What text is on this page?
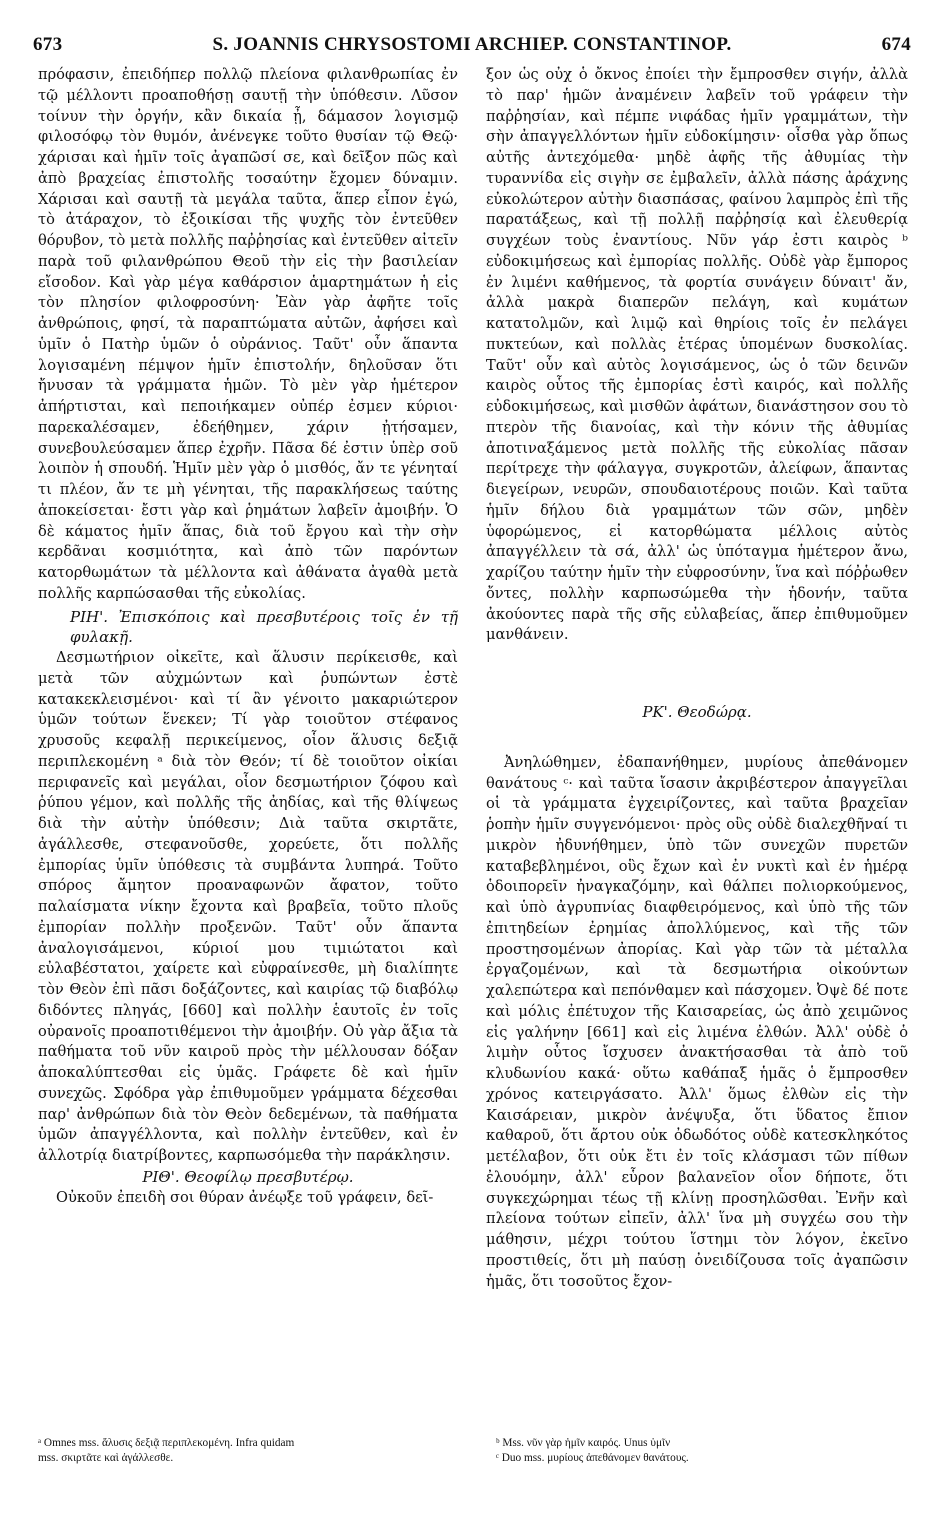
673	S. JOANNIS CHRYSOSTOMI ARCHIEP. CONSTANTINOP.	674

πρόφασιν, ἐπειδήπερ πολλῷ πλείονα φιλανθρωπίας ἐν τῷ μέλλοντι προαποθήσῃ σαυτῇ τὴν ὑπόθεσιν. Λῦσον τοίνυν τὴν ὀργήν, κἂν δικαία ᾖ, δάμασον λογισμῷ φιλοσόφῳ τὸν θυμόν, ἀνένεγκε τοῦτο θυσίαν τῷ Θεῷ· χάρισαι καὶ ἡμῖν τοῖς ἀγαπῶσί σε, καὶ δεῖξον πῶς καὶ ἀπὸ βραχείας ἐπιστολῆς τοσαύτην ἔχομεν δύναμιν. Χάρισαι καὶ σαυτῇ τὰ μεγάλα ταῦτα, ἅπερ εἶπον ἐγώ, τὸ ἀτάραχον, τὸ ἐξοικίσαι τῆς ψυχῆς τὸν ἐντεῦθεν θόρυβον, τὸ μετὰ πολλῆς παῤῥησίας καὶ ἐντεῦθεν αἰτεῖν παρὰ τοῦ φιλανθρώπου Θεοῦ τὴν εἰς τὴν βασιλείαν εἴσοδον. Καὶ γὰρ μέγα καθάρσιον ἁμαρτημάτων ἡ εἰς τὸν πλησίον φιλοφροσύνη· Ἐὰν γὰρ ἀφῆτε τοῖς ἀνθρώποις, φησί, τὰ παραπτώματα αὐτῶν, ἀφήσει καὶ ὑμῖν ὁ Πατὴρ ὑμῶν ὁ οὐράνιος. Ταῦτ' οὖν ἅπαντα λογισαμένη πέμψον ἡμῖν ἐπιστολήν, δηλοῦσαν ὅτι ἤνυσαν τὰ γράμματα ἡμῶν. Τὸ μὲν γὰρ ἡμέτερον ἀπήρτισται, καὶ πεποιήκαμεν οὐπέρ ἐσμεν κύριοι· παρεκαλέσαμεν, ἐδεήθημεν, χάριν ᾐτήσαμεν, συνεβουλεύσαμεν ἅπερ ἐχρῆν. Πᾶσα δέ ἐστιν ὑπὲρ σοῦ λοιπὸν ἡ σπουδή. Ἡμῖν μὲν γὰρ ὁ μισθός, ἄν τε γένηταί τι πλέον, ἄν τε μὴ γένηται, τῆς παρακλήσεως ταύτης ἀποκείσεται· ἔστι γὰρ καὶ ῥημάτων λαβεῖν ἀμοιβήν. Ὁ δὲ κάματος ἡμῖν ἅπας, διὰ τοῦ ἔργου καὶ τὴν σὴν κερδᾶναι κοσμιότητα, καὶ ἀπὸ τῶν παρόντων κατορθωμάτων τὰ μέλλοντα καὶ ἀθάνατα ἀγαθὰ μετὰ πολλῆς καρπώσασθαι τῆς εὐκολίας.

ΡΙΗ'. Ἐπισκόποις καὶ πρεσβυτέροις τοῖς ἐν τῇ φυλακῇ.

Δεσμωτήριον οἰκεῖτε, καὶ ἅλυσιν περίκεισθε, καὶ μετὰ τῶν αὐχμώντων καὶ ῥυπώντων ἐστὲ κατακεκλεισμένοι· καὶ τί ἂν γένοιτο μακαριώτερον ὑμῶν τούτων ἕνεκεν; Τί γὰρ τοιοῦτον στέφανος χρυσοῦς κεφαλῇ περικείμενος, οἷον ἅλυσις δεξιᾷ περιπλεκομένη ᵃ διὰ τὸν Θεόν; τί δὲ τοιοῦτον οἰκίαι περιφανεῖς καὶ μεγάλαι, οἷον δεσμωτήριον ζόφου καὶ ῥύπου γέμον, καὶ πολλῆς τῆς ἀηδίας, καὶ τῆς θλίψεως διὰ τὴν αὐτὴν ὑπόθεσιν; Διὰ ταῦτα σκιρτᾶτε, ἀγάλλεσθε, στεφανοῦσθε, χορεύετε, ὅτι πολλῆς ἐμπορίας ὑμῖν ὑπόθεσις τὰ συμβάντα λυπηρά. Τοῦτο σπόρος ἄμητον προαναφωνῶν ἄφατον, τοῦτο παλαίσματα νίκην ἔχοντα καὶ βραβεῖα, τοῦτο πλοῦς ἐμπορίαν πολλὴν προξενῶν. Ταῦτ' οὖν ἅπαντα ἀναλογισάμενοι, κύριοί μου τιμιώτατοι καὶ εὐλαβέστατοι, χαίρετε καὶ εὐφραίνεσθε, μὴ διαλίπητε τὸν Θεὸν ἐπὶ πᾶσι δοξάζοντες, καὶ καιρίας τῷ διαβόλῳ διδόντες πληγάς, [660] καὶ πολλὴν ἑαυτοῖς ἐν τοῖς οὐρανοῖς προαποτιθέμενοι τὴν ἀμοιβήν. Οὐ γὰρ ἄξια τὰ παθήματα τοῦ νῦν καιροῦ πρὸς τὴν μέλλουσαν δόξαν ἀποκαλύπτεσθαι εἰς ὑμᾶς. Γράφετε δὲ καὶ ἡμῖν συνεχῶς. Σφόδρα γὰρ ἐπιθυμοῦμεν γράμματα δέχεσθαι παρ' ἀνθρώπων διὰ τὸν Θεὸν δεδεμένων, τὰ παθήματα ὑμῶν ἀπαγγέλλοντα, καὶ πολλὴν ἐντεῦθεν, καὶ ἐν ἀλλοτρίᾳ διατρίβοντες, καρπωσόμεθα τὴν παράκλησιν.

ΡΙΘ'. Θεοφίλῳ πρεσβυτέρῳ.

Οὐκοῦν ἐπειδὴ σοι θύραν ἀνέῳξε τοῦ γράφειν, δεῖ-

ξον ὡς οὐχ ὁ ὄκνος ἐποίει τὴν ἔμπροσθεν σιγήν, ἀλλὰ τὸ παρ' ἡμῶν ἀναμένειν λαβεῖν τοῦ γράφειν τὴν παῤῥησίαν, καὶ πέμπε νιφάδας ἡμῖν γραμμάτων, τὴν σὴν ἀπαγγελλόντων ἡμῖν εὐδοκίμησιν· οἶσθα γὰρ ὅπως αὐτῆς ἀντεχόμεθα· μηδὲ ἀφῆς τῆς ἀθυμίας τὴν τυραννίδα εἰς σιγὴν σε ἐμβαλεῖν, ἀλλὰ πάσης ἀράχνης εὐκολώτερον αὐτὴν διασπάσας, φαίνου λαμπρὸς ἐπὶ τῆς παρατάξεως, καὶ τῇ πολλῇ παῤῥησίᾳ καὶ ἐλευθερίᾳ συγχέων τοὺς ἐναντίους. Νῦν γάρ ἐστι καιρὸς ᵇ εὐδοκιμήσεως καὶ ἐμπορίας πολλῆς. Οὐδὲ γὰρ ἔμπορος ἐν λιμένι καθήμενος, τὰ φορτία συνάγειν δύναιτ' ἄν, ἀλλὰ μακρὰ διαπερῶν πελάγη, καὶ κυμάτων κατατολμῶν, καὶ λιμῷ καὶ θηρίοις τοῖς ἐν πελάγει πυκτεύων, καὶ πολλὰς ἑτέρας ὑπομένων δυσκολίας. Ταῦτ' οὖν καὶ αὐτὸς λογισάμενος, ὡς ὁ τῶν δεινῶν καιρὸς οὗτος τῆς ἐμπορίας ἐστὶ καιρός, καὶ πολλῆς εὐδοκιμήσεως, καὶ μισθῶν ἀφάτων, διανάστησον σου τὸ πτερὸν τῆς διανοίας, καὶ τὴν κόνιν τῆς ἀθυμίας ἀποτιναξάμενος μετὰ πολλῆς τῆς εὐκολίας πᾶσαν περίτρεχε τὴν φάλαγγα, συγκροτῶν, ἀλείφων, ἅπαντας διεγείρων, νευρῶν, σπουδαιοτέρους ποιῶν. Καὶ ταῦτα ἡμῖν δήλου διὰ γραμμάτων τῶν σῶν, μηδὲν ὑφορώμενος, εἰ κατορθώματα μέλλοις αὐτὸς ἀπαγγέλλειν τὰ σά, ἀλλ' ὡς ὑπόταγμα ἡμέτερον ἄνω, χαρίζου ταύτην ἡμῖν τὴν εὐφροσύνην, ἵνα καὶ πόῤῥωθεν ὄντες, πολλὴν καρπωσώμεθα τὴν ἡδονήν, ταῦτα ἀκούοντες παρὰ τῆς σῆς εὐλαβείας, ἅπερ ἐπιθυμοῦμεν μανθάνειν.

ΡΚ'. Θεοδώρᾳ.

Ἀνηλώθημεν, ἐδαπανήθημεν, μυρίους ἀπεθάνομεν θανάτους ᶜ· καὶ ταῦτα ἴσασιν ἀκριβέστερον ἀπαγγεῖλαι οἱ τὰ γράμματα ἐγχειρίζοντες, καὶ ταῦτα βραχεῖαν ῥοπὴν ἡμῖν συγγενόμενοι· πρὸς οὓς οὐδὲ διαλεχθῆναί τι μικρὸν ἠδυνήθημεν, ὑπὸ τῶν συνεχῶν πυρετῶν καταβεβλημένοι, οὓς ἔχων καὶ ἐν νυκτὶ καὶ ἐν ἡμέρᾳ ὁδοιπορεῖν ἠναγκαζόμην, καὶ θάλπει πολιορκούμενος, καὶ ὑπὸ ἀγρυπνίας διαφθειρόμενος, καὶ ὑπὸ τῆς τῶν ἐπιτηδείων ἐρημίας ἀπολλύμενος, καὶ τῆς τῶν προστησομένων ἀπορίας. Καὶ γὰρ τῶν τὰ μέταλλα ἐργαζομένων, καὶ τὰ δεσμωτήρια οἰκούντων χαλεπώτερα καὶ πεπόνθαμεν καὶ πάσχομεν. Ὀψὲ δέ ποτε καὶ μόλις ἐπέτυχον τῆς Καισαρείας, ὡς ἀπὸ χειμῶνος εἰς γαλήνην [661] καὶ εἰς λιμένα ἐλθών. Ἀλλ' οὐδὲ ὁ λιμὴν οὗτος ἴσχυσεν ἀνακτήσασθαι τὰ ἀπὸ τοῦ κλυδωνίου κακά· οὕτω καθάπαξ ἡμᾶς ὁ ἔμπροσθεν χρόνος κατειργάσατο. Ἀλλ' ὅμως ἐλθὼν εἰς τὴν Καισάρειαν, μικρὸν ἀνέψυξα, ὅτι ὕδατος ἔπιον καθαροῦ, ὅτι ἄρτου οὐκ ὀδωδότος οὐδὲ κατεσκληκότος μετέλαβον, ὅτι οὐκ ἔτι ἐν τοῖς κλάσμασι τῶν πίθων ἐλουόμην, ἀλλ' εὗρον βαλανεῖον οἷον δήποτε, ὅτι συγκεχώρημαι τέως τῇ κλίνῃ προσηλῶσθαι. Ἐνῆν καὶ πλείονα τούτων εἰπεῖν, ἀλλ' ἵνα μὴ συγχέω σου τὴν μάθησιν, μέχρι τούτου ἵστημι τὸν λόγον, ἐκεῖνο προστιθείς, ὅτι μὴ παύσῃ ὀνειδίζουσα τοῖς ἀγαπῶσιν ἡμᾶς, ὅτι τοσοῦτος ἔχον-

ᵃ Omnes mss. ἅλυσις δεξιᾷ περιπλεκομένη. Infra quidam

mss. σκιρτᾶτε καὶ ἀγάλλεσθε.

ᵇ Mss. νῦν γὰρ ἡμῖν καιρός. Unus ὑμῖν

ᶜ Duo mss. μυρίους ἀπεθάνομεν θανάτους.
